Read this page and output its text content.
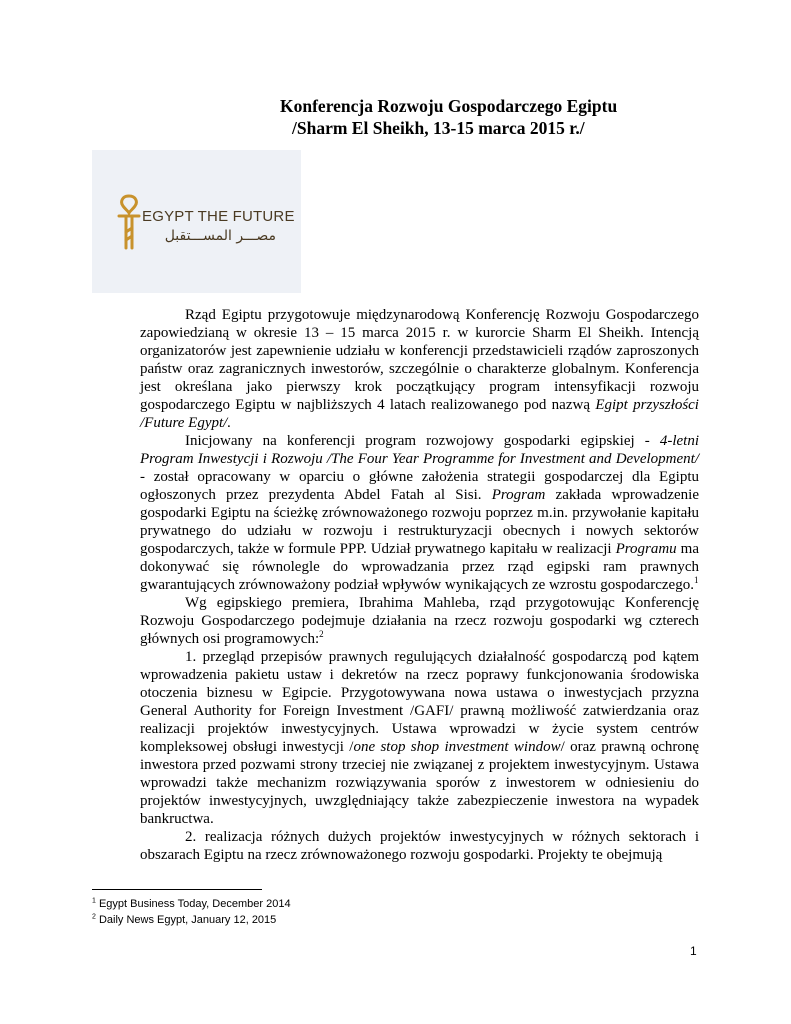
Konferencja Rozwoju Gospodarczego Egiptu
/Sharm El Sheikh, 13-15 marca 2015 r./
EGYPT THE FUTURE
مصـــر المســـتقبل

Rząd Egiptu przygotowuje międzynarodową Konferencję Rozwoju Gospodarczego zapowiedzianą w okresie 13 – 15 marca 2015 r. w kurorcie Sharm El Sheikh. Intencją organizatorów jest zapewnienie udziału w konferencji przedstawicieli rządów zaproszonych państw oraz zagranicznych inwestorów, szczególnie o charakterze globalnym. Konferencja jest określana jako pierwszy krok początkujący program intensyfikacji rozwoju gospodarczego Egiptu w najbliższych 4 latach realizowanego pod nazwą Egipt przyszłości /Future Egypt/.

Inicjowany na konferencji program rozwojowy gospodarki egipskiej - 4-letni Program Inwestycji i Rozwoju /The Four Year Programme for Investment and Development/ - został opracowany w oparciu o główne założenia strategii gospodarczej dla Egiptu ogłoszonych przez prezydenta Abdel Fatah al Sisi. Program zakłada wprowadzenie gospodarki Egiptu na ścieżkę zrównoważonego rozwoju poprzez m.in. przywołanie kapitału prywatnego do udziału w rozwoju i restrukturyzacji obecnych i nowych sektorów gospodarczych, także w formule PPP. Udział prywatnego kapitału w realizacji Programu ma dokonywać się równolegle do wprowadzania przez rząd egipski ram prawnych gwarantujących zrównoważony podział wpływów wynikających ze wzrostu gospodarczego.$^1$

Wg egipskiego premiera, Ibrahima Mahleba, rząd przygotowując Konferencję Rozwoju Gospodarczego podejmuje działania na rzecz rozwoju gospodarki wg czterech głównych osi programowych:$^2$

1. przegląd przepisów prawnych regulujących działalność gospodarczą pod kątem wprowadzenia pakietu ustaw i dekretów na rzecz poprawy funkcjonowania środowiska otoczenia biznesu w Egipcie. Przygotowywana nowa ustawa o inwestycjach przyzna General Authority for Foreign Investment /GAFI/ prawną możliwość zatwierdzania oraz realizacji projektów inwestycyjnych. Ustawa wprowadzi w życie system centrów kompleksowej obsługi inwestycji /one stop shop investment window/ oraz prawną ochronę inwestora przed pozwami strony trzeciej nie związanej z projektem inwestycyjnym. Ustawa wprowadzi także mechanizm rozwiązywania sporów z inwestorem w odniesieniu do projektów inwestycyjnych, uwzględniający także zabezpieczenie inwestora na wypadek bankructwa.

2. realizacja różnych dużych projektów inwestycyjnych w różnych sektorach i obszarach Egiptu na rzecz zrównoważonego rozwoju gospodarki. Projekty te obejmują

$^1$ Egypt Business Today, December 2014
$^2$ Daily News Egypt, January 12, 2015
1
